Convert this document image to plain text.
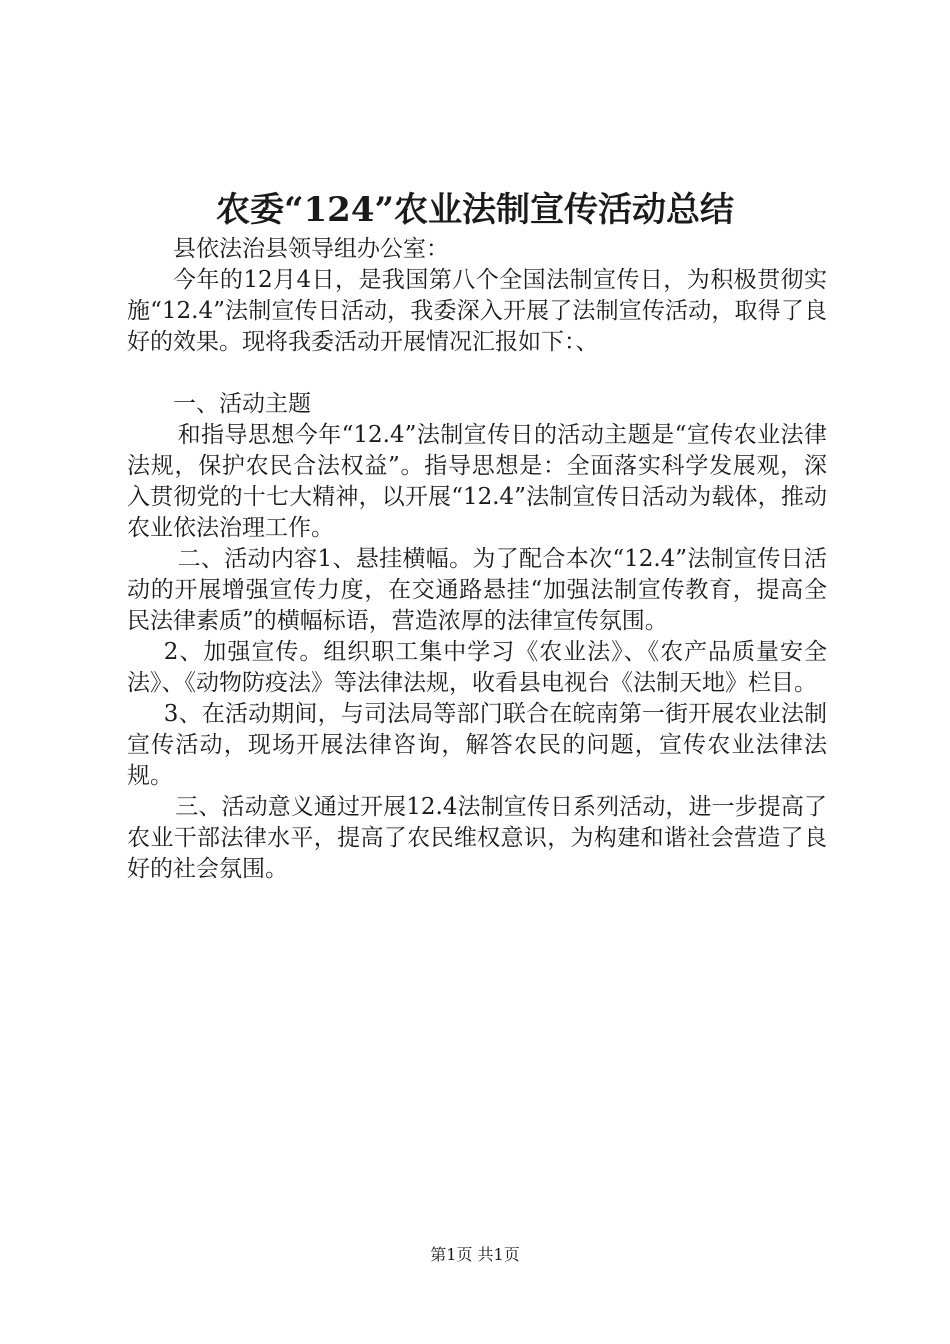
农委“124”农业法制宣传活动总结

县依法治县领导组办公室：

今年的12月4日，是我国第八个全国法制宣传日，为积极贯彻实施“12.4”法制宣传日活动，我委深入开展了法制宣传活动，取得了良好的效果。现将我委活动开展情况汇报如下：、

一、活动主题

和指导思想今年“12.4”法制宣传日的活动主题是“宣传农业法律法规，保护农民合法权益”。指导思想是：全面落实科学发展观，深入贯彻党的十七大精神，以开展“12.4”法制宣传日活动为载体，推动农业依法治理工作。

二、活动内容1、悬挂横幅。为了配合本次“12.4”法制宣传日活动的开展增强宣传力度，在交通路悬挂“加强法制宣传教育，提高全民法律素质”的横幅标语，营造浓厚的法律宣传氛围。

2、加强宣传。组织职工集中学习《农业法》、《农产品质量安全法》、《动物防疫法》等法律法规，收看县电视台《法制天地》栏目。

3、在活动期间，与司法局等部门联合在皖南第一街开展农业法制宣传活动，现场开展法律咨询，解答农民的问题，宣传农业法律法规。

三、活动意义通过开展12.4法制宣传日系列活动，进一步提高了农业干部法律水平，提高了农民维权意识，为构建和谐社会营造了良好的社会氛围。

第1页 共1页
